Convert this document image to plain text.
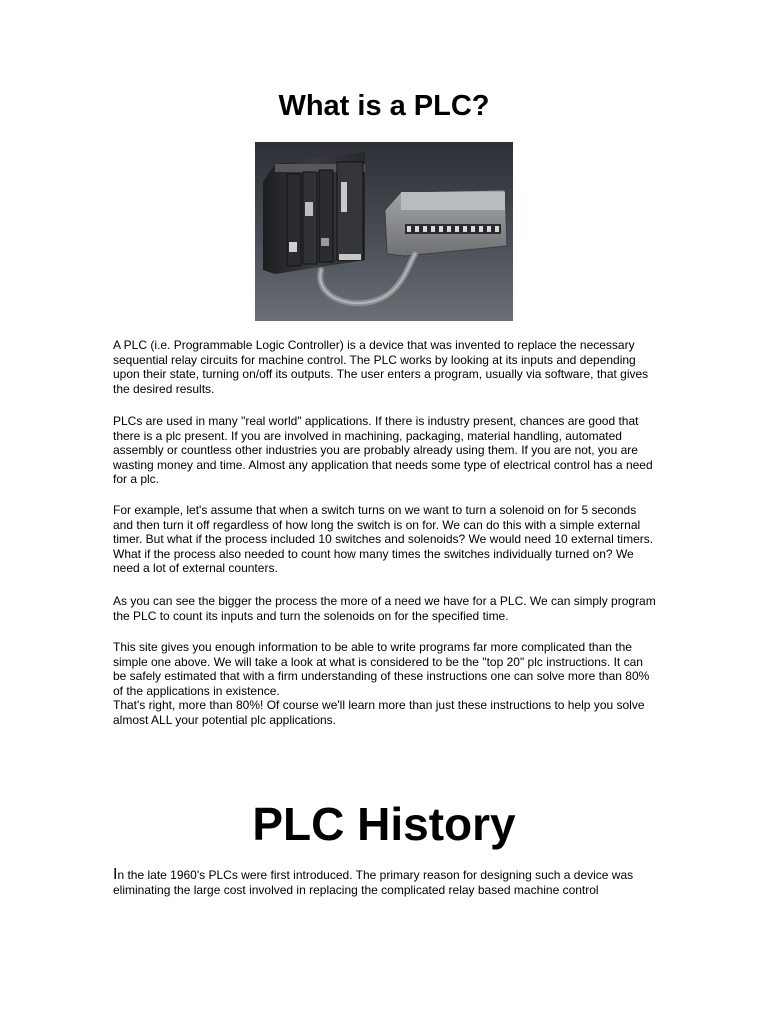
What is a PLC?

A PLC (i.e. Programmable Logic Controller) is a device that was invented to replace the necessary sequential relay circuits for machine control. The PLC works by looking at its inputs and depending upon their state, turning on/off its outputs. The user enters a program, usually via software, that gives the desired results.

PLCs are used in many "real world" applications. If there is industry present, chances are good that there is a plc present. If you are involved in machining, packaging, material handling, automated assembly or countless other industries you are probably already using them. If you are not, you are wasting money and time. Almost any application that needs some type of electrical control has a need for a plc.

For example, let's assume that when a switch turns on we want to turn a solenoid on for 5 seconds and then turn it off regardless of how long the switch is on for. We can do this with a simple external timer. But what if the process included 10 switches and solenoids? We would need 10 external timers. What if the process also needed to count how many times the switches individually turned on? We need a lot of external counters.

As you can see the bigger the process the more of a need we have for a PLC. We can simply program the PLC to count its inputs and turn the solenoids on for the specified time.

This site gives you enough information to be able to write programs far more complicated than the simple one above. We will take a look at what is considered to be the "top 20" plc instructions. It can be safely estimated that with a firm understanding of these instructions one can solve more than 80% of the applications in existence.
That's right, more than 80%! Of course we'll learn more than just these instructions to help you solve almost ALL your potential plc applications.

PLC History

In the late 1960's PLCs were first introduced. The primary reason for designing such a device was eliminating the large cost involved in replacing the complicated relay based machine control
